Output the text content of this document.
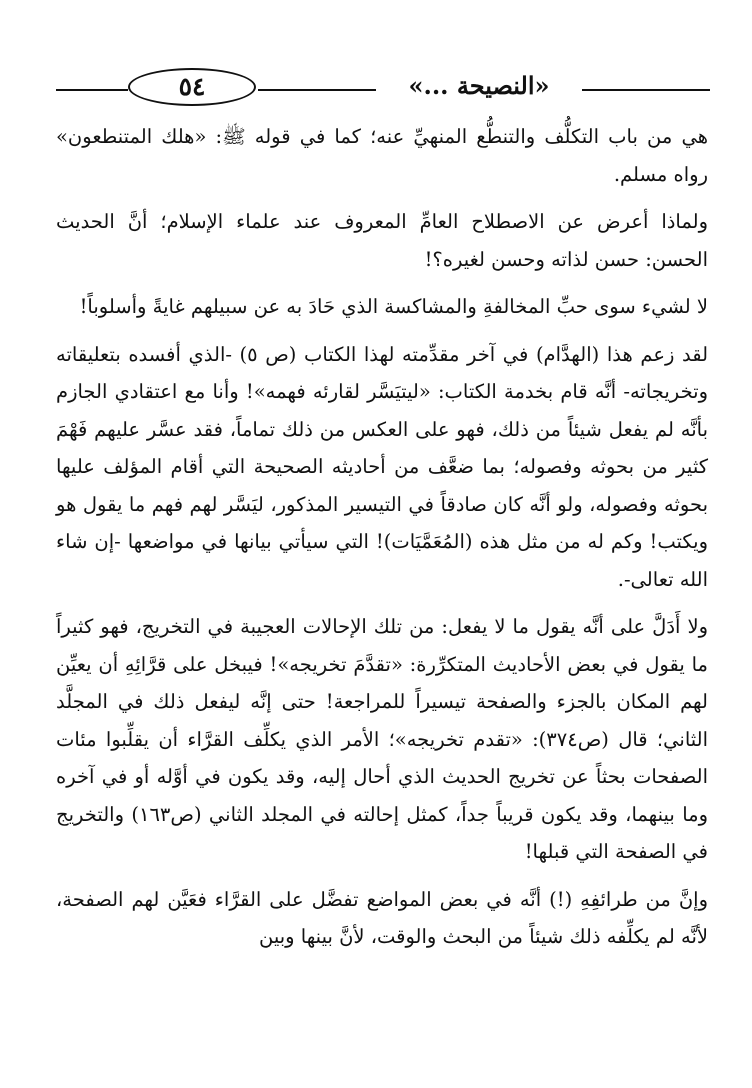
٥٤	«النصيحة ...»

هي من باب التكلُّف والتنطُّع المنهيِّ عنه؛ كما في قوله ﷺ: «هلك المتنطعون» رواه مسلم.

ولماذا أعرض عن الاصطلاح العامِّ المعروف عند علماء الإسلام؛ أنَّ الحديث الحسن: حسن لذاته وحسن لغيره؟!

لا لشيء سوى حبِّ المخالفةِ والمشاكسة الذي حَادَ به عن سبيلهم غايةً وأسلوباً!

لقد زعم هذا (الهدَّام) في آخر مقدِّمته لهذا الكتاب (ص ٥) -الذي أفسده بتعليقاته وتخريجاته- أنَّه قام بخدمة الكتاب: «ليتيَسَّر لقارئه فهمه»! وأنا مع اعتقادي الجازم بأنَّه لم يفعل شيئاً من ذلك، فهو على العكس من ذلك تماماً، فقد عسَّر عليهم فَهْمَ كثير من بحوثه وفصوله؛ بما ضعَّف من أحاديثه الصحيحة التي أقام المؤلف عليها بحوثه وفصوله، ولو أنَّه كان صادقاً في التيسير المذكور، ليَسَّر لهم فهم ما يقول هو ويكتب! وكم له من مثل هذه (المُعَمَّيَات)! التي سيأتي بيانها في مواضعها -إن شاء الله تعالى-.

ولا أَدَلَّ على أنَّه يقول ما لا يفعل: من تلك الإحالات العجيبة في التخريج، فهو كثيراً ما يقول في بعض الأحاديث المتكرِّرة: «تقدَّمَ تخريجه»! فيبخل على قرَّائِهِ أن يعيِّن لهم المكان بالجزء والصفحة تيسيراً للمراجعة! حتى إنَّه ليفعل ذلك في المجلَّد الثاني؛ قال (ص٣٧٤): «تقدم تخريجه»؛ الأمر الذي يكلِّف القرَّاء أن يقلِّبوا مئات الصفحات بحثاً عن تخريج الحديث الذي أحال إليه، وقد يكون في أوَّله أو في آخره وما بينهما، وقد يكون قريباً جداً، كمثل إحالته في المجلد الثاني (ص١٦٣) والتخريج في الصفحة التي قبلها!

وإنَّ من طرائفِهِ (!) أنَّه في بعض المواضع تفضَّل على القرَّاء فعَيَّن لهم الصفحة، لأنَّه لم يكلِّفه ذلك شيئاً من البحث والوقت، لأنَّ بينها وبين
